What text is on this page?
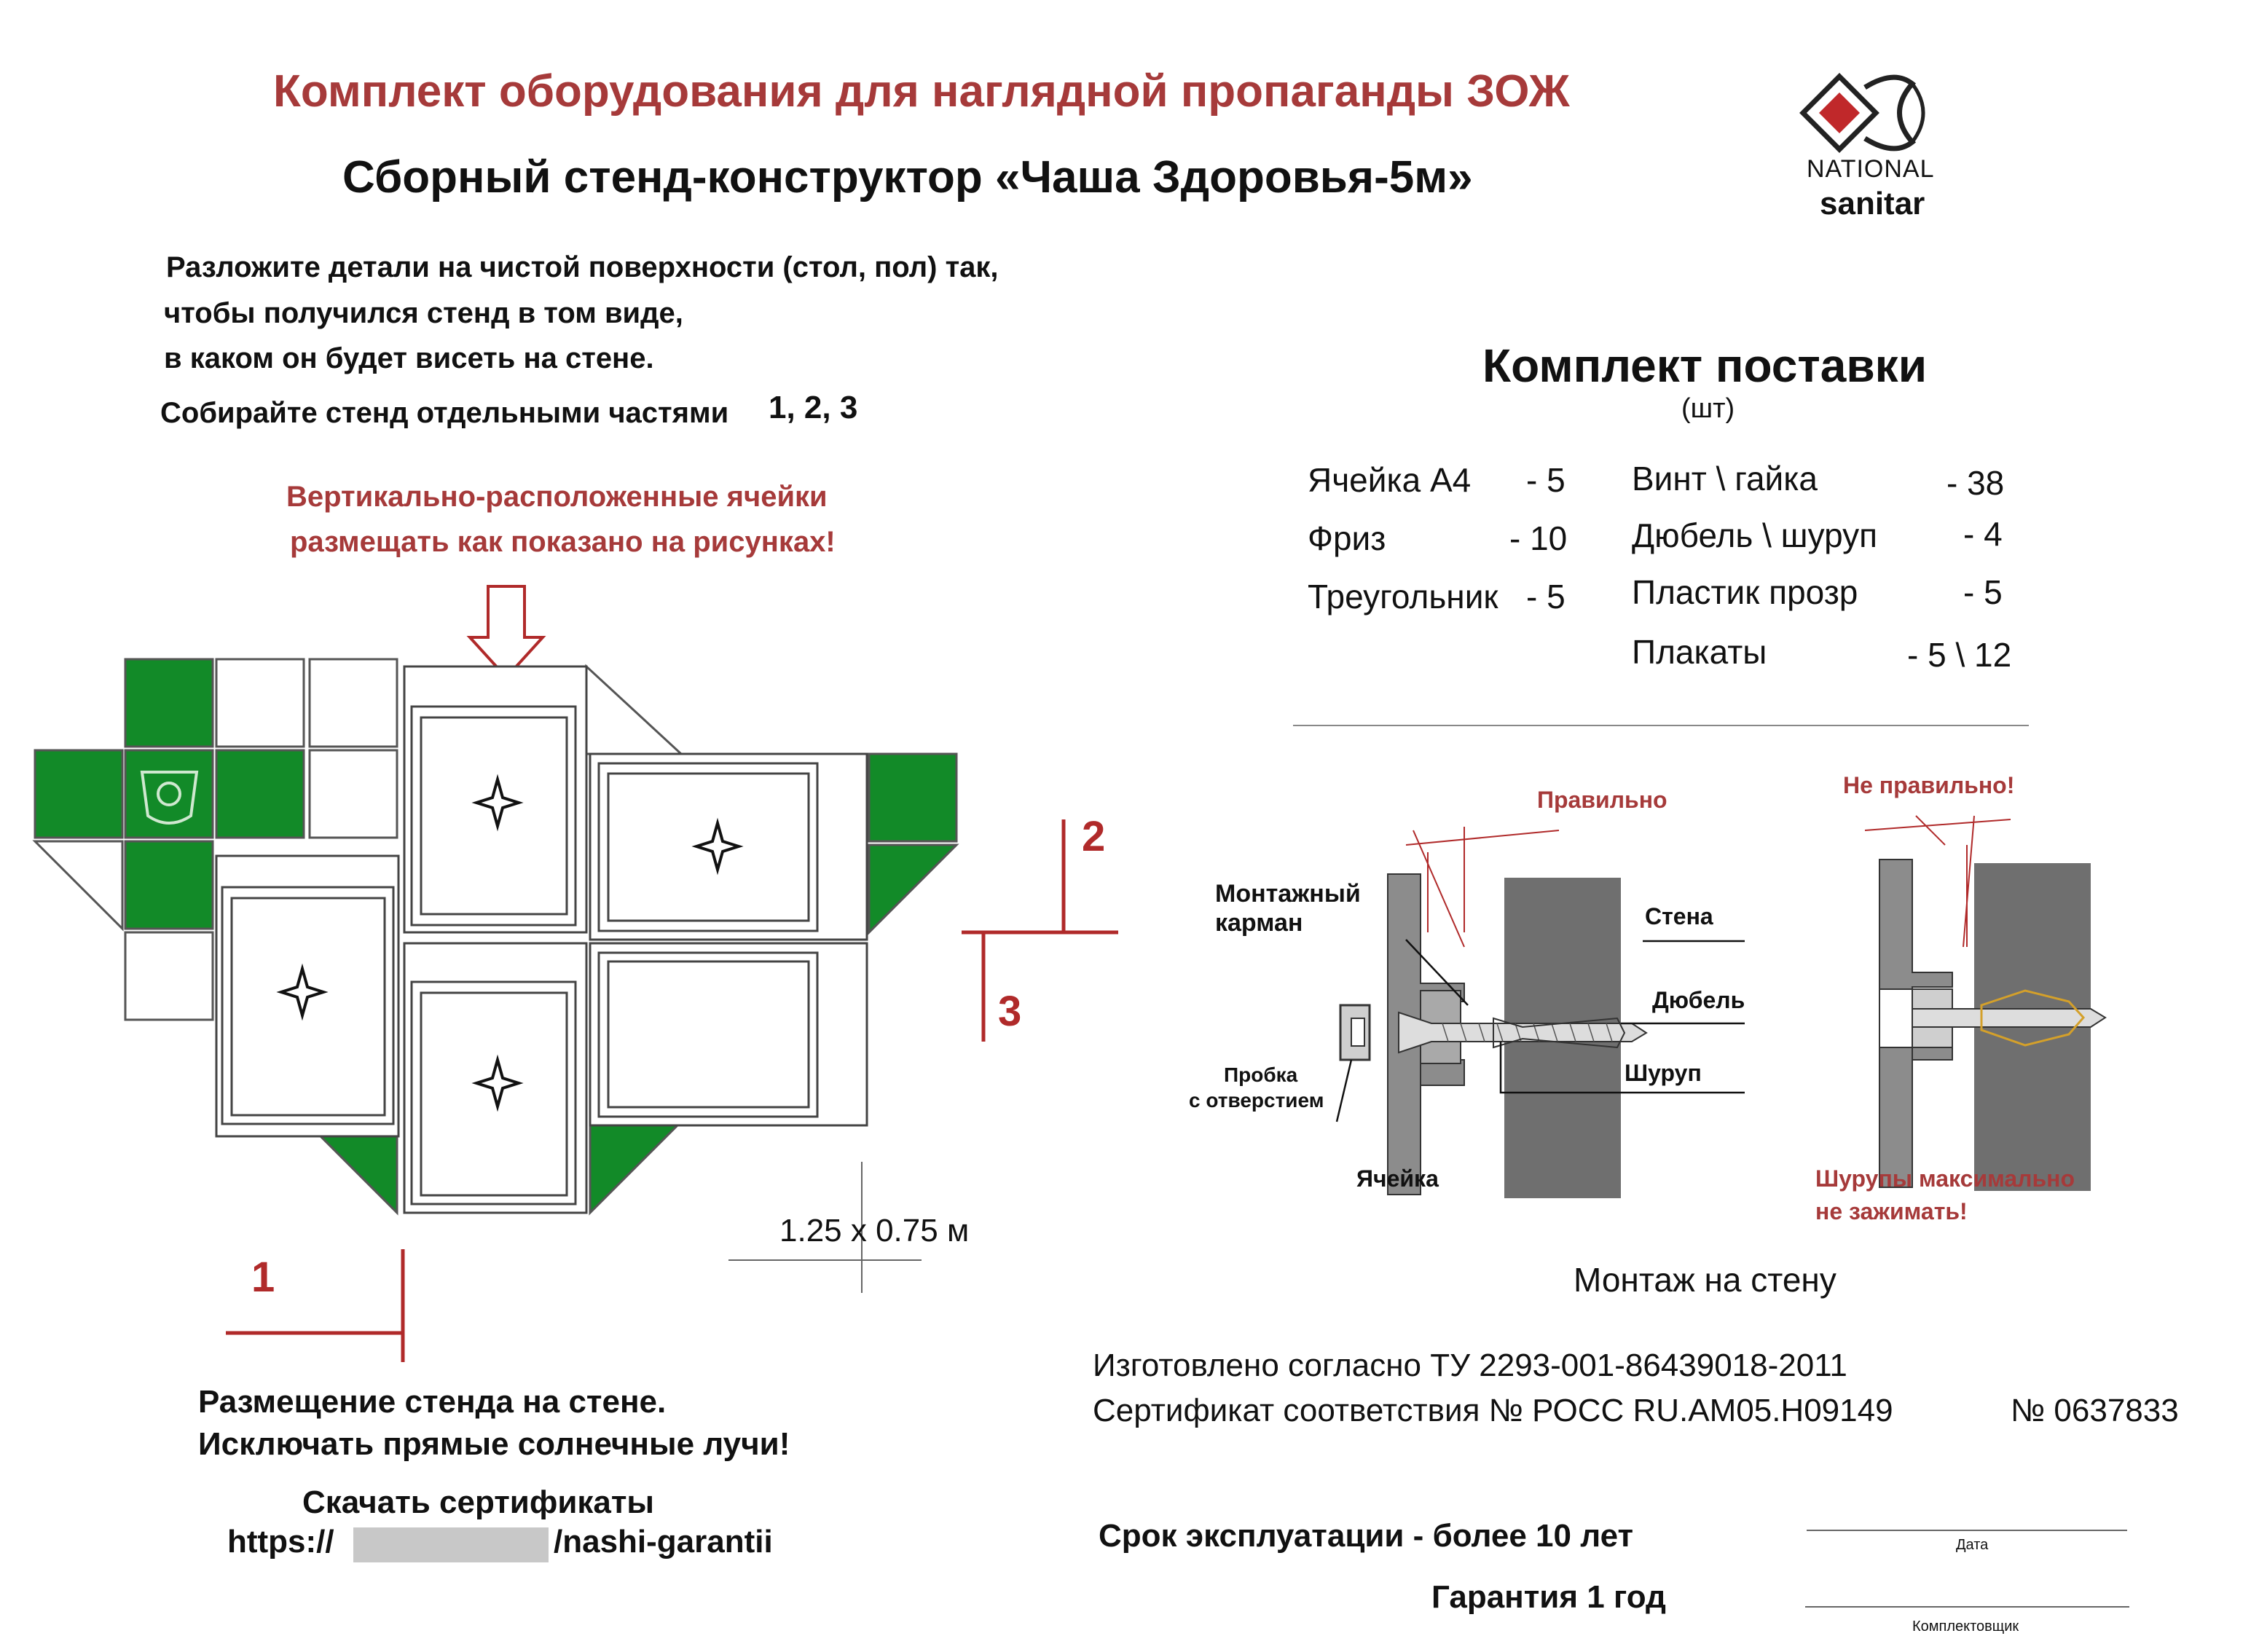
Комплект оборудования для наглядной пропаганды ЗОЖ
Сборный стенд-конструктор «Чаша Здоровья-5м»	NATIONAL
sanitar
Разложите детали на чистой поверхности (стол, пол) так,
чтобы получился стенд в том виде,
в каком он будет висеть на стене.
Собирайте стенд отдельными частями 1, 2, 3
Вертикально-расположенные ячейки
размещать как показано на рисунках!
2
3
1
1.25 x 0.75 м
Комплект поставки
(шт)
Ячейка А4 - 5
Фриз	- 10
Треугольник - 5
Винт \ гайка	- 38
Дюбель \ шуруп	- 4
Пластик прозр	- 5
Плакаты	- 5 \ 12
Правильно
Не правильно!
Монтажный
карман	Стена
Дюбель
Шуруп
Пробка
с отверстием
Ячейка	Шурупы максимально
не зажимать!
Монтаж на стену
Размещение стенда на стене.
Исключать прямые солнечные лучи!
Скачать сертификаты
https://	/nashi-garantii
Изготовлено согласно ТУ 2293-001-86439018-2011
Сертификат соответствия № РОСС RU.AM05.H09149	№ 0637833
Срок эксплуатации - более 10 лет
Гарантия 1 год
Дата
Комплектовщик
